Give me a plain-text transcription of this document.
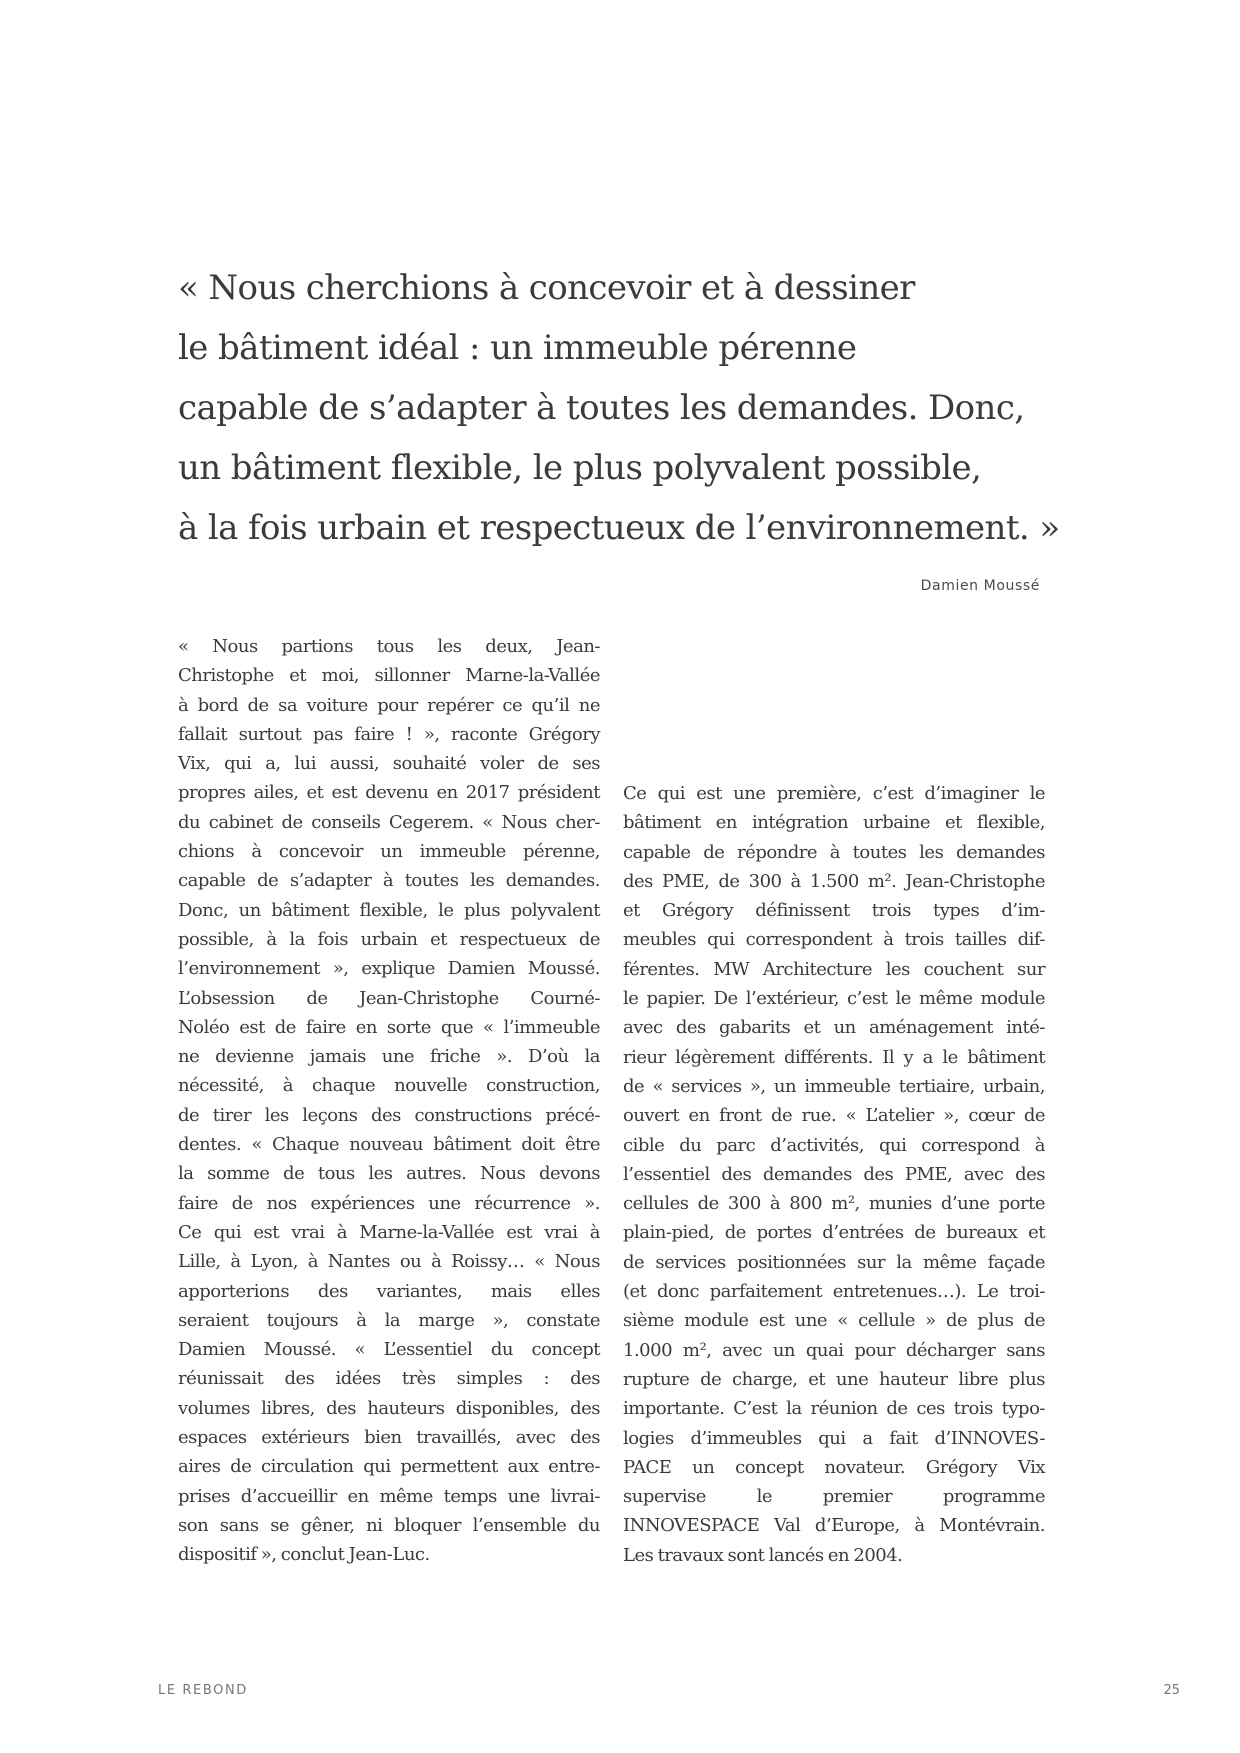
« Nous cherchions à concevoir et à dessiner
le bâtiment idéal : un immeuble pérenne
capable de s’adapter à toutes les demandes. Donc,
un bâtiment flexible, le plus polyvalent possible,
à la fois urbain et respectueux de l’environnement. »
Damien Moussé
« Nous partions tous les deux, Jean-
Christophe et moi, sillonner Marne-la-Vallée
à bord de sa voiture pour repérer ce qu’il ne
fallait surtout pas faire ! », raconte Grégory
Vix, qui a, lui aussi, souhaité voler de ses
propres ailes, et est devenu en 2017 président
du cabinet de conseils Cegerem. « Nous cher-
chions à concevoir un immeuble pérenne,
capable de s’adapter à toutes les demandes.
Donc, un bâtiment flexible, le plus polyvalent
possible, à la fois urbain et respectueux de
l’environnement », explique Damien Moussé.
L’obsession de Jean-Christophe Courné-
Noléo est de faire en sorte que « l’immeuble
ne devienne jamais une friche ». D’où la
nécessité, à chaque nouvelle construction,
de tirer les leçons des constructions précé-
dentes. « Chaque nouveau bâtiment doit être
la somme de tous les autres. Nous devons
faire de nos expériences une récurrence ».
Ce qui est vrai à Marne-la-Vallée est vrai à
Lille, à Lyon, à Nantes ou à Roissy… « Nous
apporterions des variantes, mais elles
seraient toujours à la marge », constate
Damien Moussé. « L’essentiel du concept
réunissait des idées très simples : des
volumes libres, des hauteurs disponibles, des
espaces extérieurs bien travaillés, avec des
aires de circulation qui permettent aux entre-
prises d’accueillir en même temps une livrai-
son sans se gêner, ni bloquer l’ensemble du
dispositif », conclut Jean-Luc.
Ce qui est une première, c’est d’imaginer le
bâtiment en intégration urbaine et flexible,
capable de répondre à toutes les demandes
des PME, de 300 à 1.500 m². Jean-Christophe
et Grégory définissent trois types d’im-
meubles qui correspondent à trois tailles dif-
férentes. MW Architecture les couchent sur
le papier. De l’extérieur, c’est le même module
avec des gabarits et un aménagement inté-
rieur légèrement différents. Il y a le bâtiment
de « services », un immeuble tertiaire, urbain,
ouvert en front de rue. « L’atelier », cœur de
cible du parc d’activités, qui correspond à
l’essentiel des demandes des PME, avec des
cellules de 300 à 800 m², munies d’une porte
plain-pied, de portes d’entrées de bureaux et
de services positionnées sur la même façade
(et donc parfaitement entretenues…). Le troi-
sième module est une « cellule » de plus de
1.000 m², avec un quai pour décharger sans
rupture de charge, et une hauteur libre plus
importante. C’est la réunion de ces trois typo-
logies d’immeubles qui a fait d’INNOVES-
PACE un concept novateur. Grégory Vix
supervise le premier programme
INNOVESPACE Val d’Europe, à Montévrain.
Les travaux sont lancés en 2004.
LE REBOND	25
